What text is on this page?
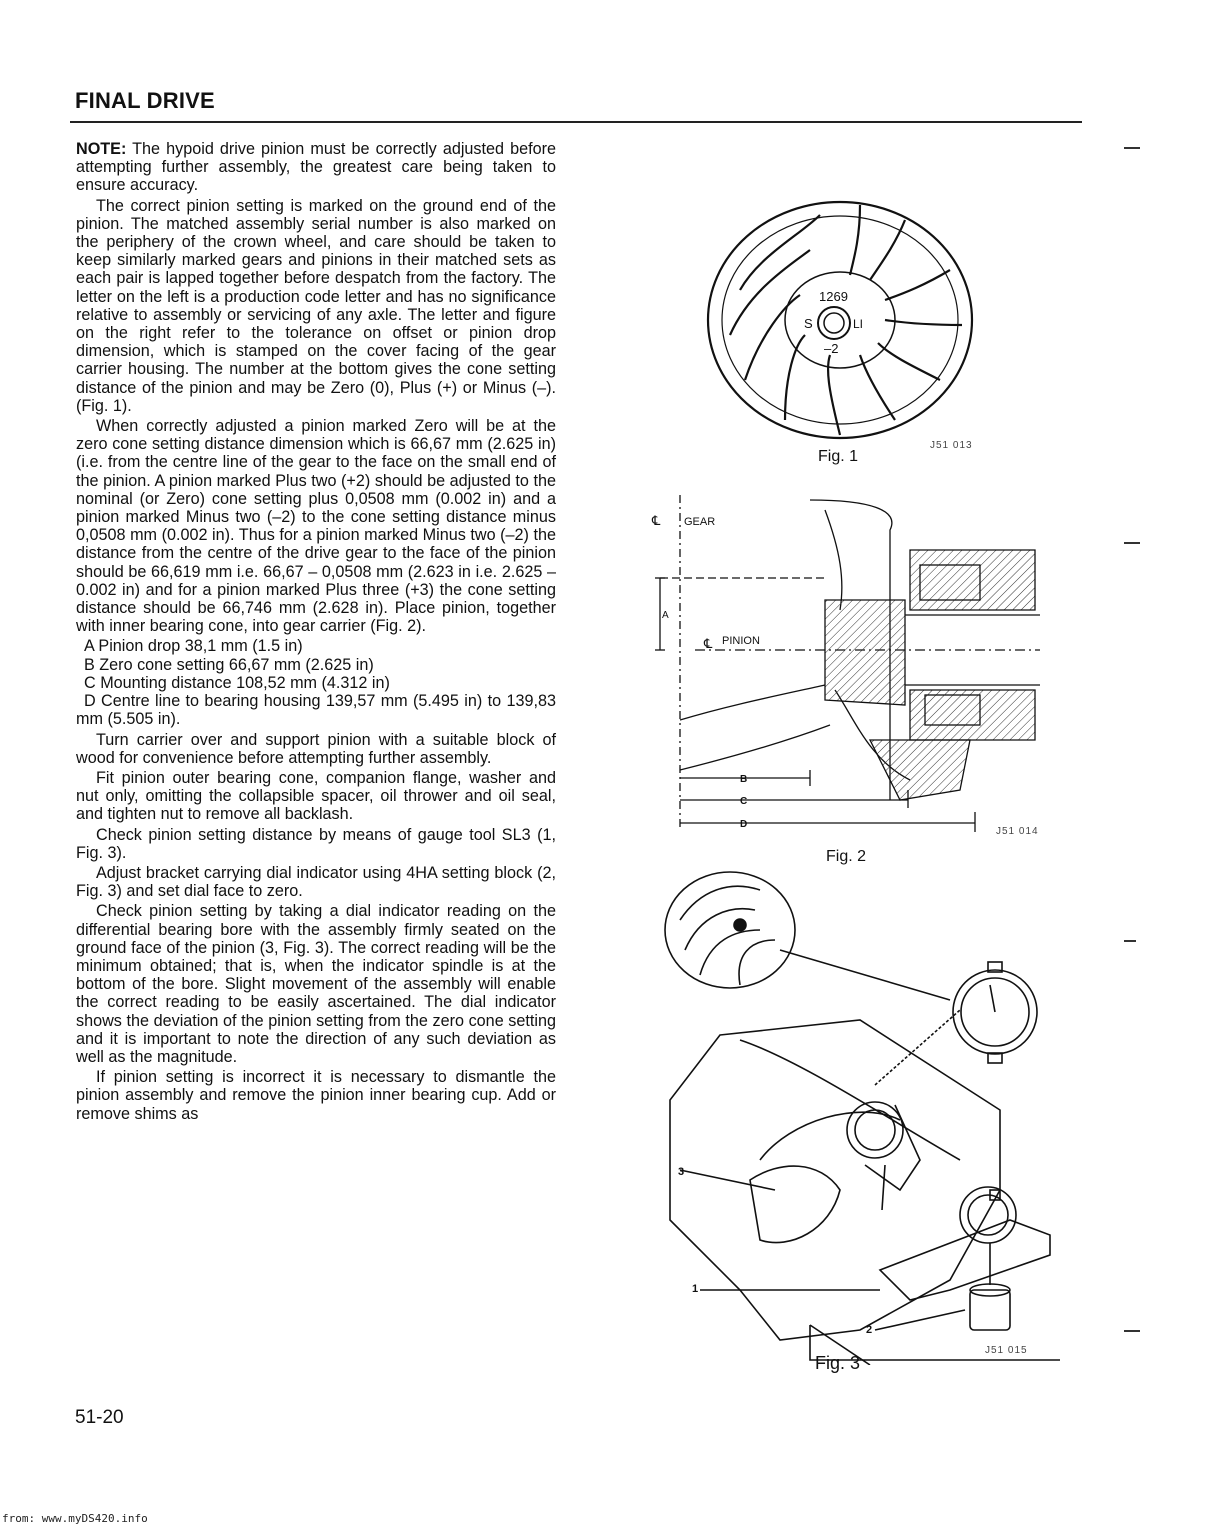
FINAL DRIVE

NOTE: The hypoid drive pinion must be correctly adjusted before attempting further assembly, the greatest care being taken to ensure accuracy.

The correct pinion setting is marked on the ground end of the pinion. The matched assembly serial number is also marked on the periphery of the crown wheel, and care should be taken to keep similarly marked gears and pinions in their matched sets as each pair is lapped together before despatch from the factory. The letter on the left is a production code letter and has no significance relative to assembly or servicing of any axle. The letter and figure on the right refer to the tolerance on offset or pinion drop dimension, which is stamped on the cover facing of the gear carrier housing. The number at the bottom gives the cone setting distance of the pinion and may be Zero (0), Plus (+) or Minus (–). (Fig. 1).

When correctly adjusted a pinion marked Zero will be at the zero cone setting distance dimension which is 66,67 mm (2.625 in) (i.e. from the centre line of the gear to the face on the small end of the pinion. A pinion marked Plus two (+2) should be adjusted to the nominal (or Zero) cone setting plus 0,0508 mm (0.002 in) and a pinion marked Minus two (–2) to the cone setting distance minus 0,0508 mm (0.002 in). Thus for a pinion marked Minus two (–2) the distance from the centre of the drive gear to the face of the pinion should be 66,619 mm i.e. 66,67 – 0,0508 mm (2.623 in i.e. 2.625 – 0.002 in) and for a pinion marked Plus three (+3) the cone setting distance should be 66,746 mm (2.628 in). Place pinion, together with inner bearing cone, into gear carrier (Fig. 2).

A Pinion drop 38,1 mm (1.5 in)
B Zero cone setting 66,67 mm (2.625 in)
C Mounting distance 108,52 mm (4.312 in)
D Centre line to bearing housing 139,57 mm (5.495 in) to 139,83 mm (5.505 in).

Turn carrier over and support pinion with a suitable block of wood for convenience before attempting further assembly.

Fit pinion outer bearing cone, companion flange, washer and nut only, omitting the collapsible spacer, oil thrower and oil seal, and tighten nut to remove all backlash.

Check pinion setting distance by means of gauge tool SL3 (1, Fig. 3).

Adjust bracket carrying dial indicator using 4HA setting block (2, Fig. 3) and set dial face to zero.

Check pinion setting by taking a dial indicator reading on the differential bearing bore with the assembly firmly seated on the ground face of the pinion (3, Fig. 3). The correct reading will be the minimum obtained; that is, when the indicator spindle is at the bottom of the bore. Slight movement of the assembly will enable the correct reading to be easily ascertained. The dial indicator shows the deviation of the pinion setting from the zero cone setting and it is important to note the direction of any such deviation as well as the magnitude.

If pinion setting is incorrect it is necessary to dismantle the pinion assembly and remove the pinion inner bearing cup. Add or remove shims as

1269
S	LI
–2
Fig. 1
J51 013
℄ GEAR
℄ PINION
A
B
C
D
J51 014
Fig. 2
3
1
2
J51 015
Fig. 3
51-20
from: www.myDS420.info
